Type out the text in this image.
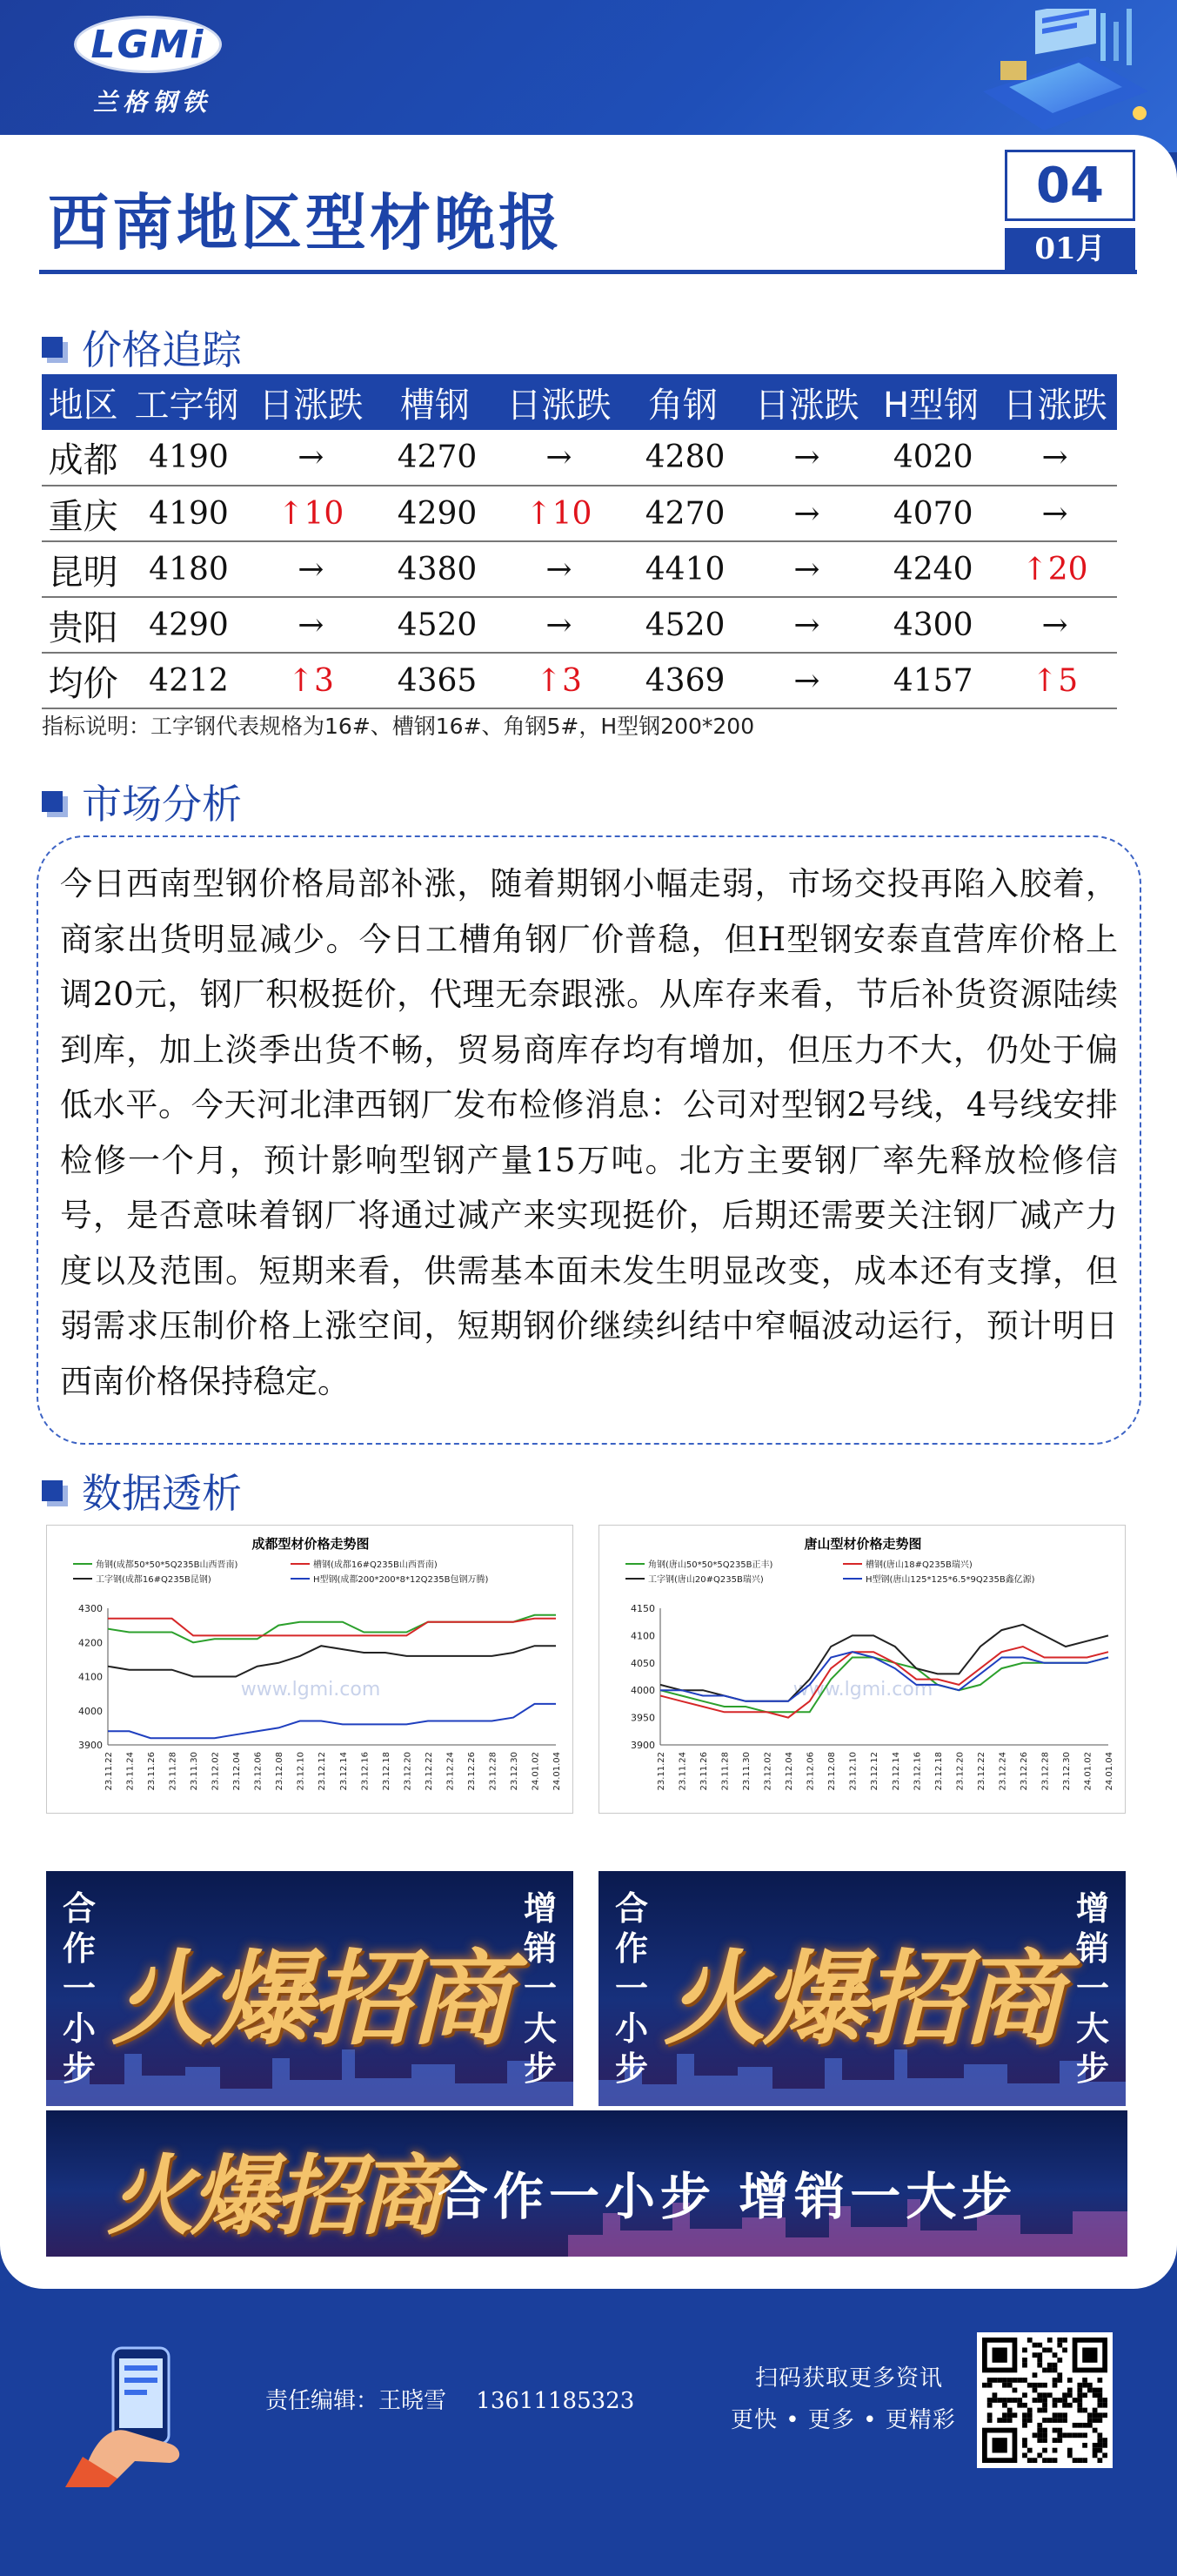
LGMi
兰格钢铁
西南地区型材晚报
04
01月
价格追踪
地区	工字钢	日涨跌	槽钢	日涨跌	角钢	日涨跌	H型钢	日涨跌
成都	4190	→	4270	→	4280	→	4020	→
重庆	4190	↑10	4290	↑10	4270	→	4070	→
昆明	4180	→	4380	→	4410	→	4240	↑20
贵阳	4290	→	4520	→	4520	→	4300	→
均价	4212	↑3	4365	↑3	4369	→	4157	↑5
指标说明：工字钢代表规格为16#、槽钢16#、角钢5#，H型钢200*200
市场分析
今日西南型钢价格局部补涨，随着期钢小幅走弱，市场交投再陷入胶着，商家出货明显减少。今日工槽角钢厂价普稳，但H型钢安泰直营库价格上调20元，钢厂积极挺价，代理无奈跟涨。从库存来看，节后补货资源陆续到库，加上淡季出货不畅，贸易商库存均有增加，但压力不大，仍处于偏低水平。今天河北津西钢厂发布检修消息：公司对型钢2号线，4号线安排检修一个月，预计影响型钢产量15万吨。北方主要钢厂率先释放检修信号，是否意味着钢厂将通过减产来实现挺价，后期还需要关注钢厂减产力度以及范围。短期来看，供需基本面未发生明显改变，成本还有支撑，但弱需求压制价格上涨空间，短期钢价继续纠结中窄幅波动运行，预计明日西南价格保持稳定。
数据透析
成都型材价格走势图
角钢(成都50*50*5Q235B山西晋南)	槽钢(成都16#Q235B山西晋南)
工字钢(成都16#Q235B昆钢)	H型钢(成都200*200*8*12Q235B包钢万腾)
4300
4200
4100
4000
3900
www.lgmi.com
23.11.22 23.11.24 23.11.26 23.11.28 23.11.30 23.12.02 23.12.04 23.12.06 23.12.08 23.12.10 23.12.12 23.12.14 23.12.16 23.12.18 23.12.20 23.12.22 23.12.24 23.12.26 23.12.28 23.12.30 24.01.02 24.01.04
唐山型材价格走势图
角钢(唐山50*50*5Q235B正丰)	槽钢(唐山18#Q235B瑞兴)
工字钢(唐山20#Q235B瑞兴)	H型钢(唐山125*125*6.5*9Q235B鑫亿源)
4150
4100
4050
4000
3950
3900
www.lgmi.com
23.11.22 23.11.24 23.11.26 23.11.28 23.11.30 23.12.02 23.12.04 23.12.06 23.12.08 23.12.10 23.12.12 23.12.14 23.12.16 23.12.18 23.12.20 23.12.22 23.12.24 23.12.26 23.12.28 23.12.30 24.01.02 24.01.04
合作一小步
火爆招商
增销一大步
合作一小步
火爆招商
增销一大步
火爆招商
合作一小步 增销一大步
责任编辑：王晓雪 13611185323
扫码获取更多资讯
更快 • 更多 • 更精彩
